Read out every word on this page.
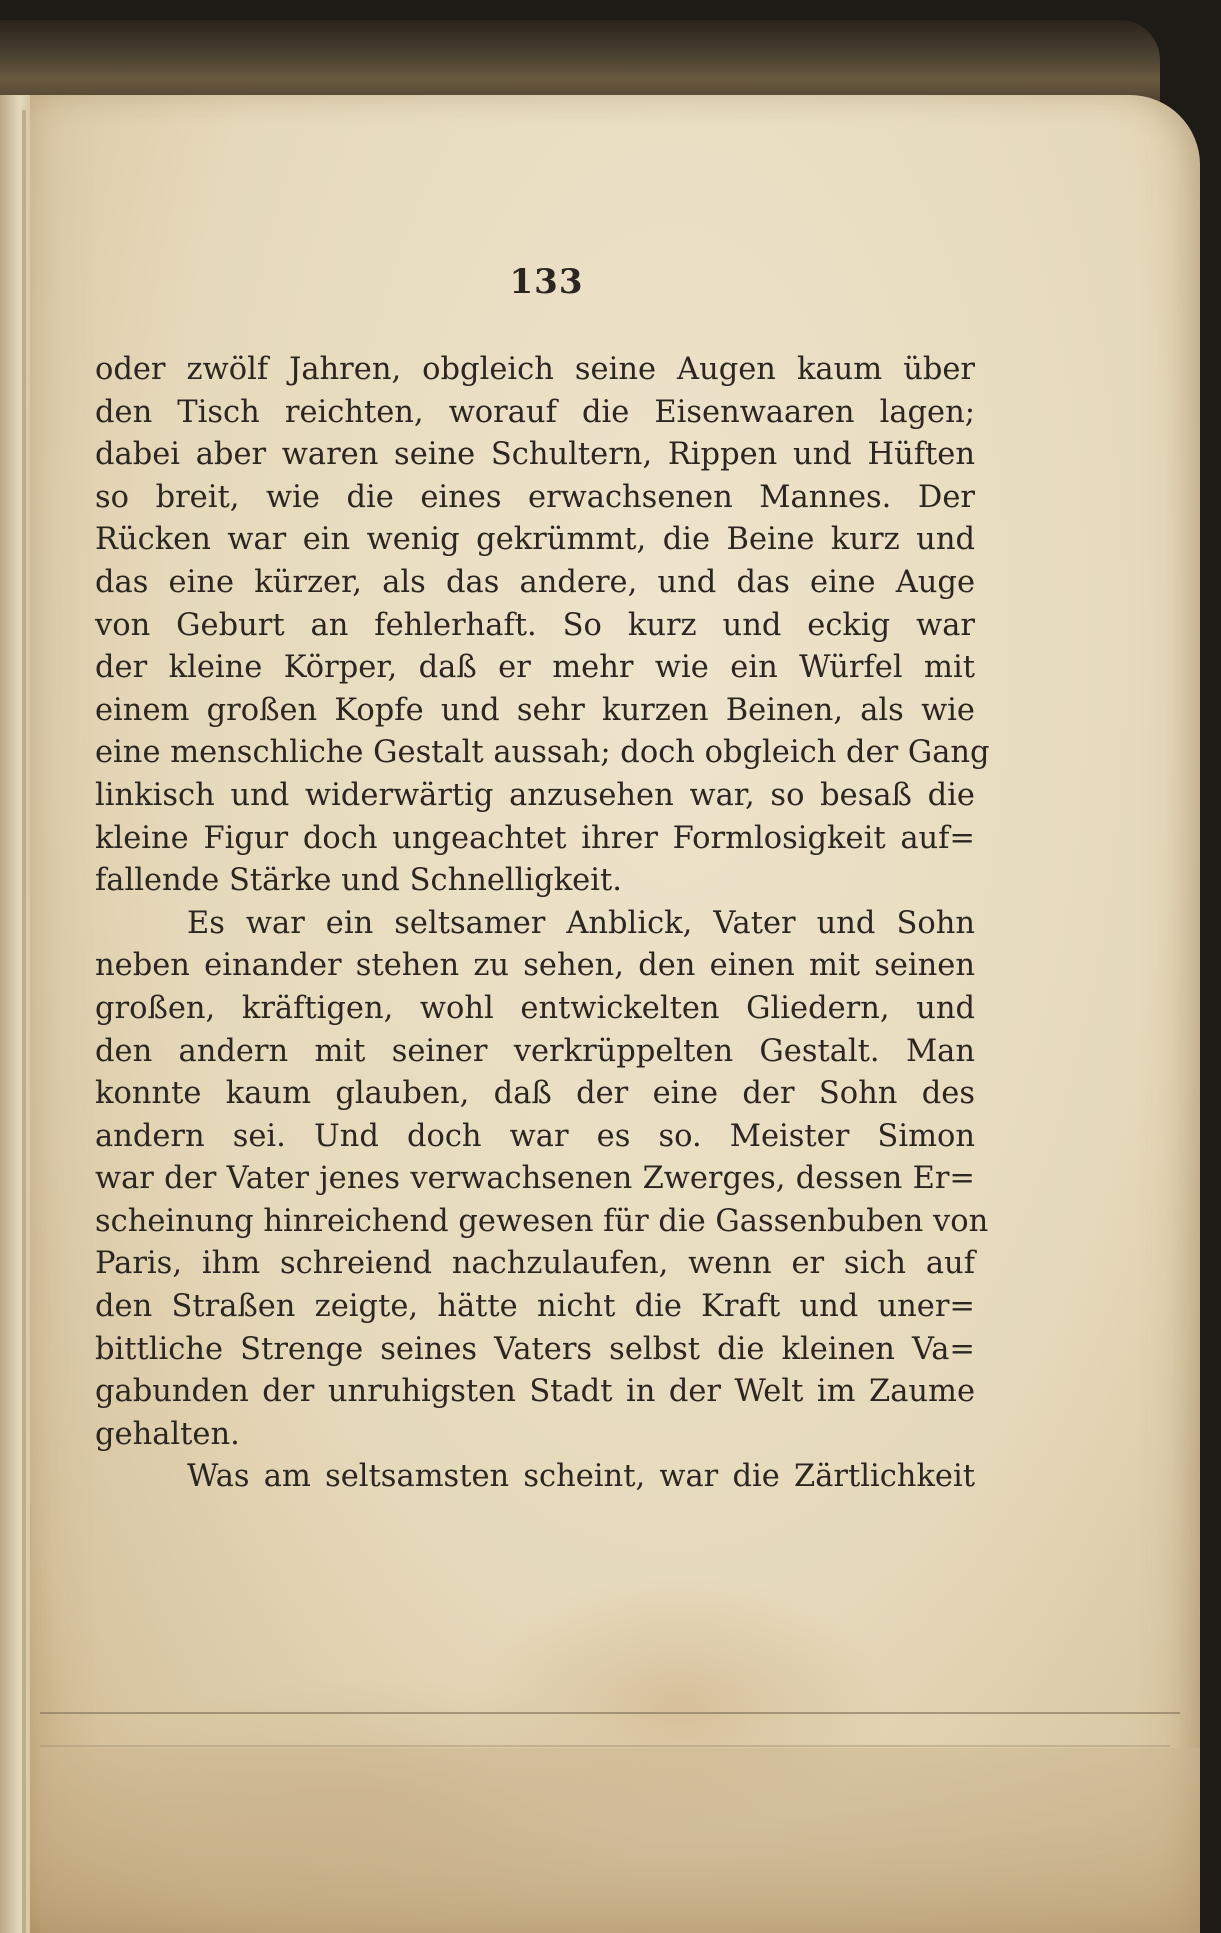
133
oder zwölf Jahren, obgleich seine Augen kaum über
den Tisch reichten, worauf die Eisenwaaren lagen;
dabei aber waren seine Schultern, Rippen und Hüften
so breit, wie die eines erwachsenen Mannes. Der
Rücken war ein wenig gekrümmt, die Beine kurz und
das eine kürzer, als das andere, und das eine Auge
von Geburt an fehlerhaft. So kurz und eckig war
der kleine Körper, daß er mehr wie ein Würfel mit
einem großen Kopfe und sehr kurzen Beinen, als wie
eine menschliche Gestalt aussah; doch obgleich der Gang
linkisch und widerwärtig anzusehen war, so besaß die
kleine Figur doch ungeachtet ihrer Formlosigkeit auf=
fallende Stärke und Schnelligkeit.
Es war ein seltsamer Anblick, Vater und Sohn
neben einander stehen zu sehen, den einen mit seinen
großen, kräftigen, wohl entwickelten Gliedern, und
den andern mit seiner verkrüppelten Gestalt. Man
konnte kaum glauben, daß der eine der Sohn des
andern sei. Und doch war es so. Meister Simon
war der Vater jenes verwachsenen Zwerges, dessen Er=
scheinung hinreichend gewesen für die Gassenbuben von
Paris, ihm schreiend nachzulaufen, wenn er sich auf
den Straßen zeigte, hätte nicht die Kraft und uner=
bittliche Strenge seines Vaters selbst die kleinen Va=
gabunden der unruhigsten Stadt in der Welt im Zaume
gehalten.
Was am seltsamsten scheint, war die Zärtlichkeit
